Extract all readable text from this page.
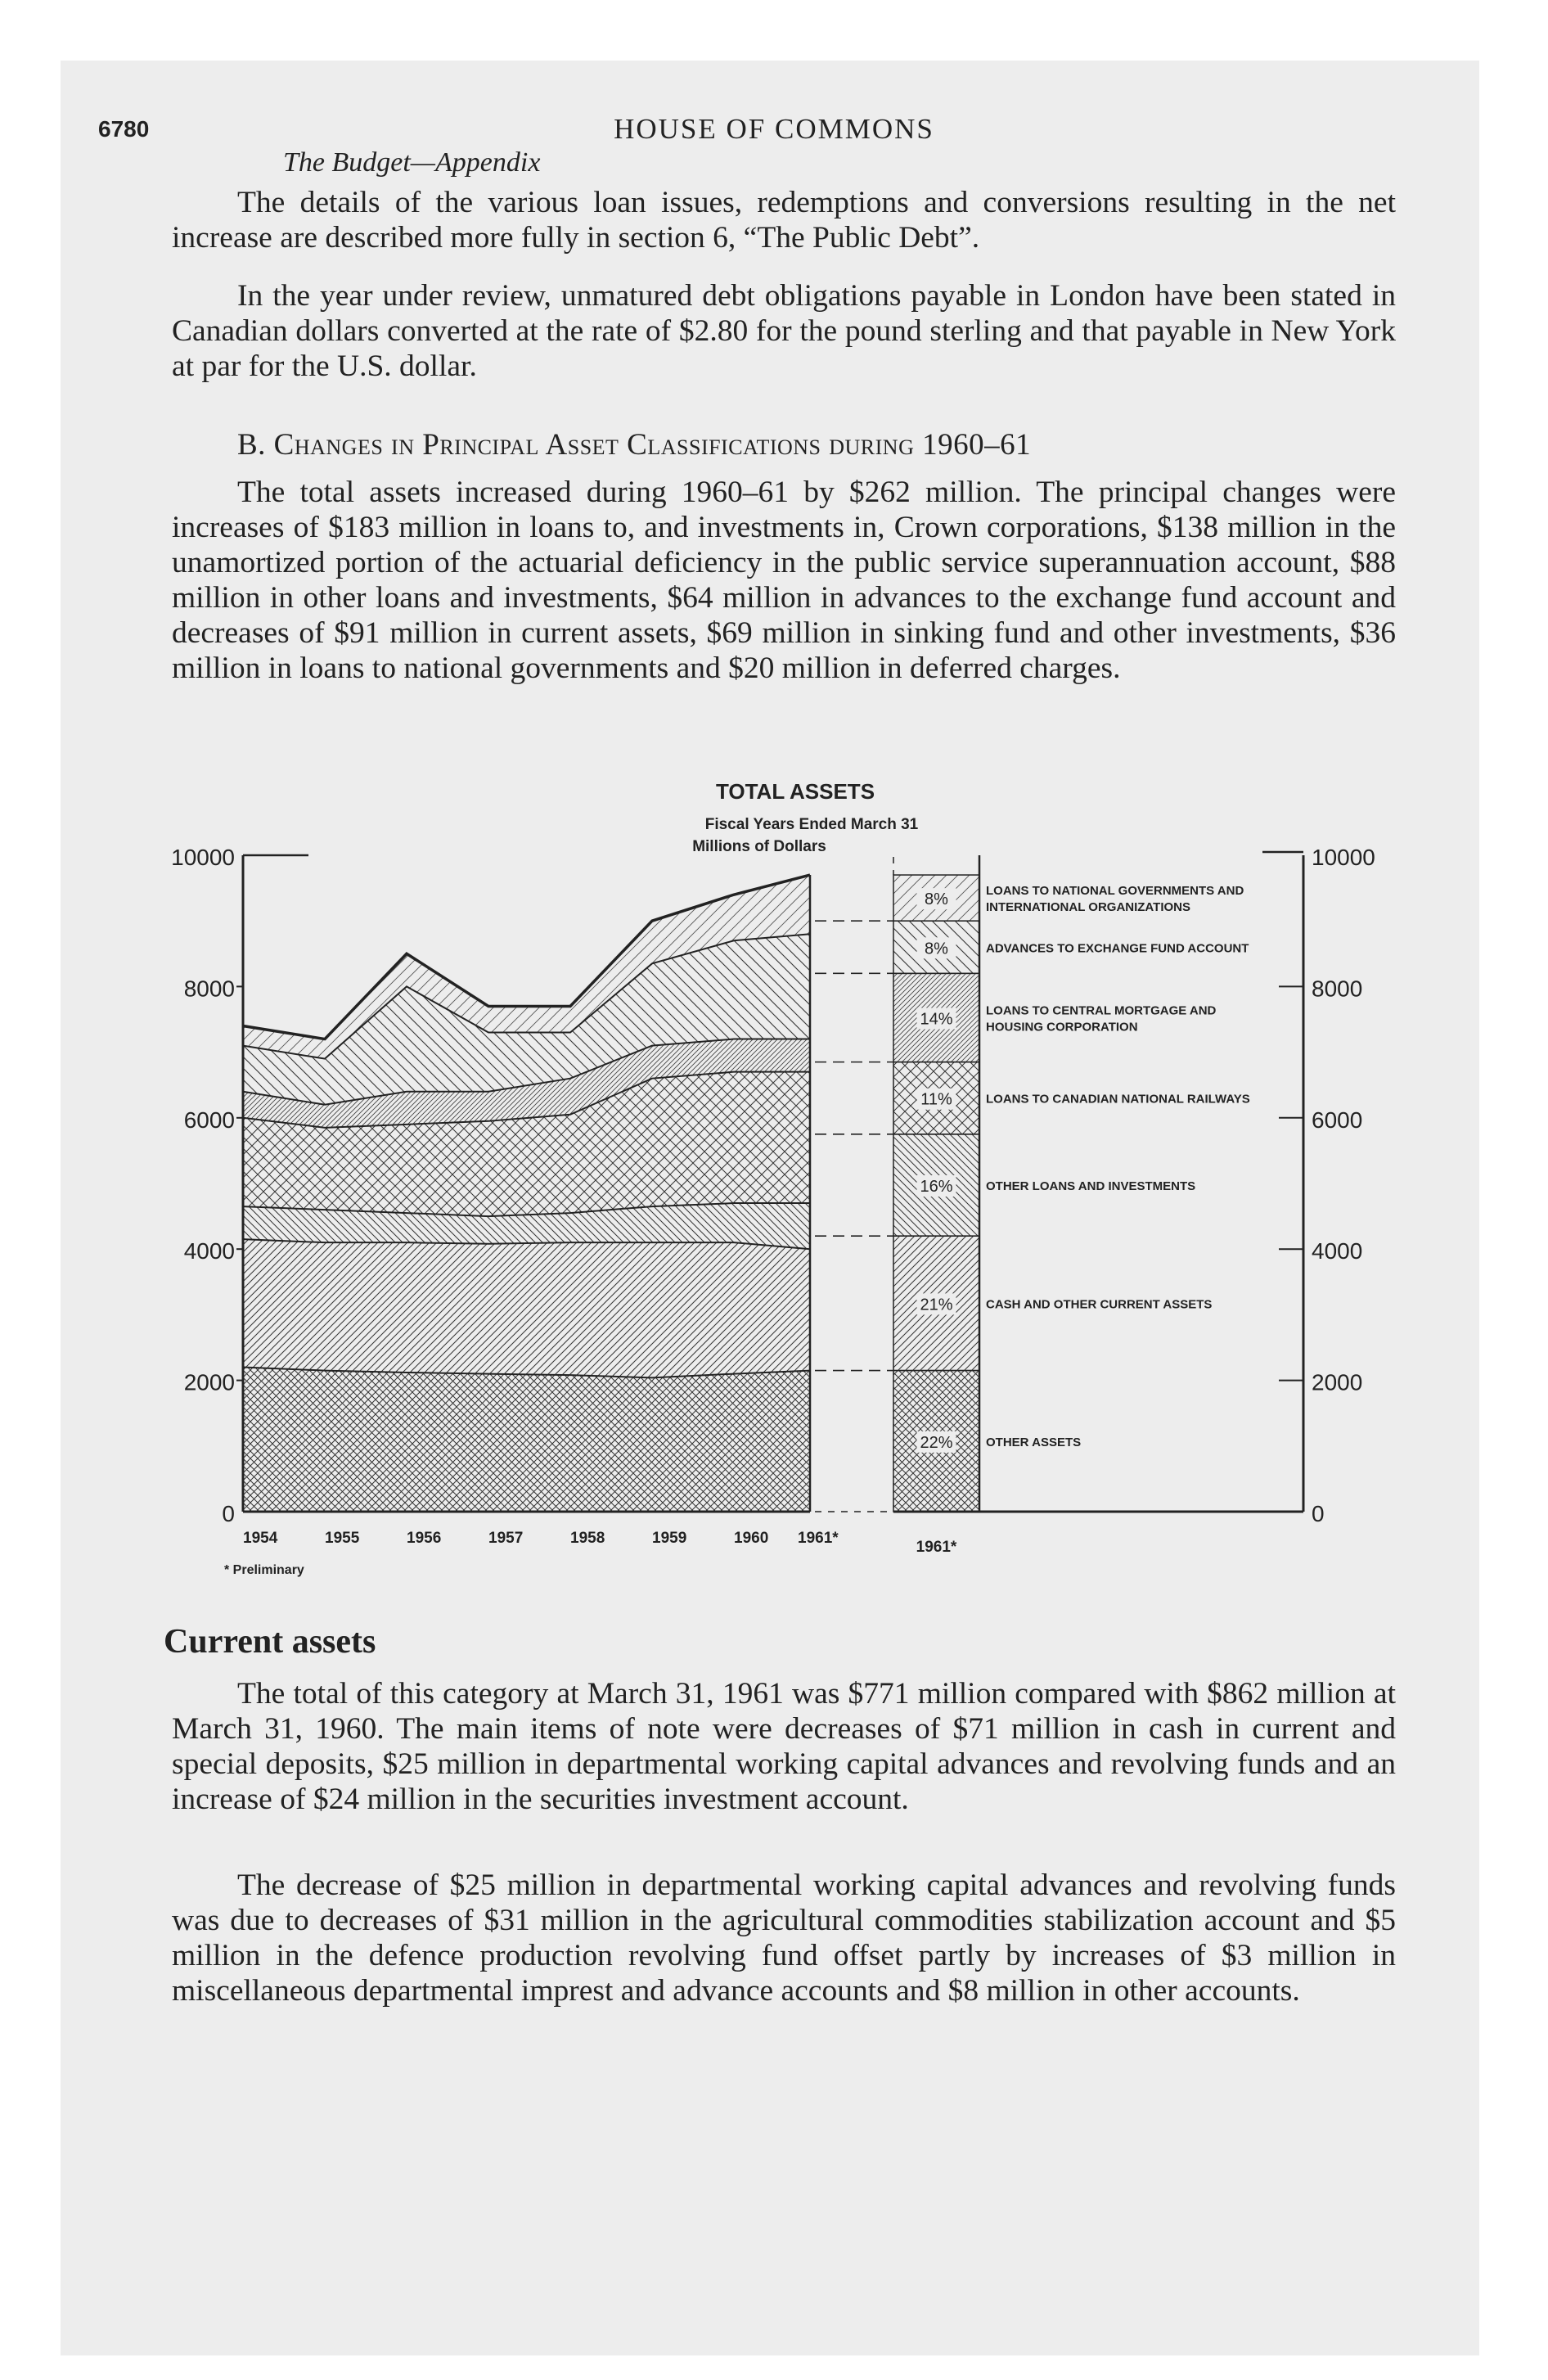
6780	HOUSE OF COMMONS
The Budget—Appendix

The details of the various loan issues, redemptions and conversions resulting in the net increase are described more fully in section 6, “The Public Debt”.

In the year under review, unmatured debt obligations payable in London have been stated in Canadian dollars converted at the rate of $2.80 for the pound sterling and that payable in New York at par for the U.S. dollar.

B. Changes in Principal Asset Classifications during 1960–61

The total assets increased during 1960–61 by $262 million. The principal changes were increases of $183 million in loans to, and investments in, Crown corporations, $138 million in the unamortized portion of the actuarial deficiency in the public service superannuation account, $88 million in other loans and investments, $64 million in advances to the exchange fund account and decreases of $91 million in current assets, $69 million in sinking fund and other investments, $36 million in loans to national governments and $20 million in deferred charges.

22%
21%
16%
11%
14%
8%
8%
0	0
2000	2000
4000	4000
6000	6000
8000	8000
10000	10000
1954	1955	1956	1957	1958	1959	1960 1961*
1961*
TOTAL ASSETS
Fiscal Years Ended March 31
Millions of Dollars
* Preliminary
OTHER ASSETS
CASH AND OTHER CURRENT ASSETS
OTHER LOANS AND INVESTMENTS
LOANS TO CANADIAN NATIONAL RAILWAYS
LOANS TO CENTRAL MORTGAGE AND
HOUSING CORPORATION
ADVANCES TO EXCHANGE FUND ACCOUNT
LOANS TO NATIONAL GOVERNMENTS AND
INTERNATIONAL ORGANIZATIONS
Current assets

The total of this category at March 31, 1961 was $771 million compared with $862 million at March 31, 1960. The main items of note were decreases of $71 million in cash in current and special deposits, $25 million in departmental working capital advances and revolving funds and an increase of $24 million in the securities investment account.

The decrease of $25 million in departmental working capital advances and revolving funds was due to decreases of $31 million in the agricultural commodities stabilization account and $5 million in the defence production revolving fund offset partly by increases of $3 million in miscellaneous departmental imprest and advance accounts and $8 million in other accounts.
